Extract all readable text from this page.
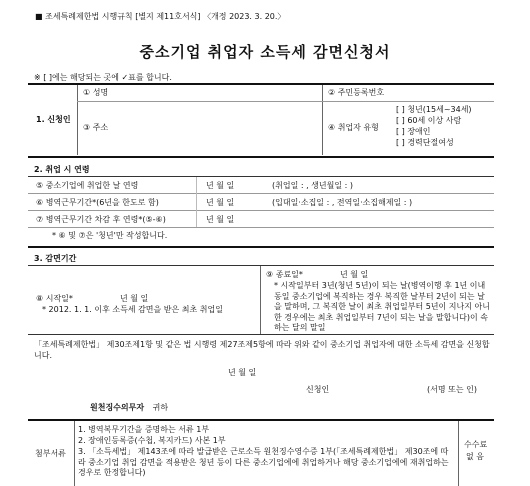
■ 조세특례제한법 시행규칙 [별지 제11호서식] 〈개정 2023. 3. 20.〉
중소기업 취업자 소득세 감면신청서
※ [ ]에는 해당되는 곳에 ✓표를 합니다.
1. 신청인
① 성명	② 주민등록번호
③ 주소	④ 취업자 유형
[ ] 청년(15세~34세)
[ ] 60세 이상 사람
[ ] 장애인
[ ] 경력단절여성
2. 취업 시 연령
⑤ 중소기업에 취업한 날 연령	년 월 일	(취업일 : , 생년월일 : )
⑥ 병역근무기간*(6년을 한도로 함)	년 월 일	(입대일·소집일 : , 전역일·소집해제일 : )
⑦ 병역근무기간 차감 후 연령*(⑤-⑥)	년 월 일
* ⑥ 및 ⑦은 '청년'만 작성합니다.
3. 감면기간
⑧ 시작일*	년 월 일
* 2012. 1. 1. 이후 소득세 감면을 받은 최초 취업일
⑨ 종료일*	년 월 일
* 시작일부터 3년(청년 5년)이 되는 날(병역이행 후 1년 이내 동일 중소기업에 복직하는 경우 복직한 날부터 2년이 되는 날을 말하며, 그 복직한 날이 최초 취업일부터 5년이 지나지 아니한 경우에는 최초 취업일부터 7년이 되는 날을 말합니다)이 속하는 달의 말일
「조세특례제한법」 제30조제1항 및 같은 법 시행령 제27조제5항에 따라 위와 같이 중소기업 취업자에 대한 소득세 감면을 신청합니다.
년 월 일
신청인	(서명 또는 인)
원천징수의무자 귀하
첨부서류
1. 병역복무기간을 증명하는 서류 1부
2. 장애인등록증(수첩, 복지카드) 사본 1부
3. 「소득세법」 제143조에 따라 발급받은 근로소득 원천징수영수증 1부(「조세특례제한법」 제30조에 따라 중소기업 취업 감면을 적용받은 청년 등이 다른 중소기업에에 취업하거나 해당 중소기업에에 재취업하는 경우로 한정합니다)
수수료
없 음
